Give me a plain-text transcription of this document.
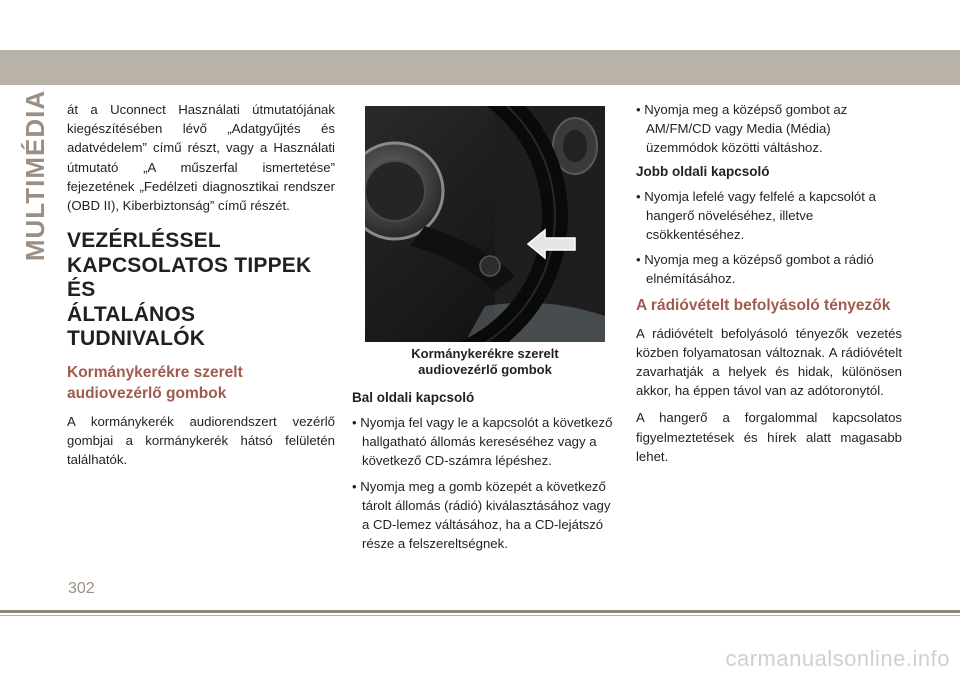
MULTIMÉDIA át a Uconnect Használati útmutatójának kiegészítésében lévő „Adatgyűjtés és adatvédelem” című részt, vagy a Használati útmutató „A műszerfal ismertetése” fejezetének „Fedélzeti diagnosztikai rendszer (OBD II), Kiberbiztonság” című részét.

VEZÉRLÉSSEL
KAPCSOLATOS TIPPEK ÉS
ÁLTALÁNOS TUDNIVALÓK
Kormánykerékre szerelt audiovezérlő gombok

A kormánykerék audiorendszert vezérlő gombjai a kormánykerék hátsó felületén találhatók.

Kormánykerékre szerelt
audiovezérlő gombok
Bal oldali kapcsoló
• Nyomja fel vagy le a kapcsolót a következő hallgatható állomás kereséséhez vagy a következő CD-számra lépéshez.
• Nyomja meg a gomb közepét a következő tárolt állomás (rádió) kiválasztásához vagy a CD-lemez váltásához, ha a CD-lejátszó része a felszereltségnek.
• Nyomja meg a középső gombot az AM/FM/CD vagy Media (Média) üzemmódok közötti váltáshoz.
Jobb oldali kapcsoló
• Nyomja lefelé vagy felfelé a kapcsolót a hangerő növeléséhez, illetve csökkentéséhez.
• Nyomja meg a középső gombot a rádió elnémításához.
A rádióvételt befolyásoló tényezők

A rádióvételt befolyásoló tényezők vezetés közben folyamatosan változnak. A rádióvételt zavarhatják a helyek és hidak, különösen akkor, ha éppen távol van az adótoronytól.

A hangerő a forgalommal kapcsolatos figyelmeztetések és hírek alatt magasabb lehet.

302
carmanualsonline.info
